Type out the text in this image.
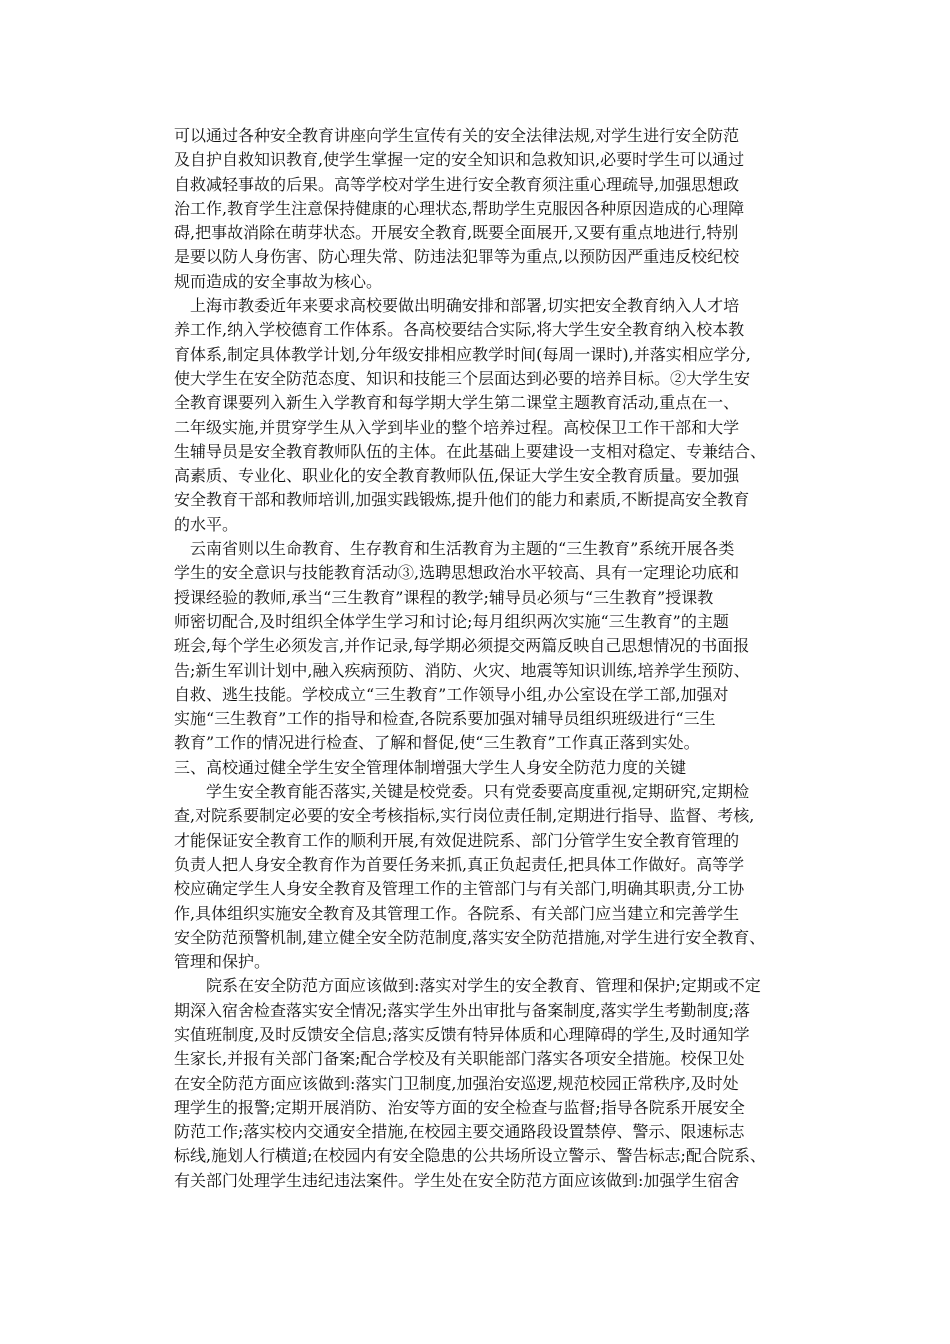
可以通过各种安全教育讲座向学生宣传有关的安全法律法规,对学生进行安全防范
及自护自救知识教育,使学生掌握一定的安全知识和急救知识,必要时学生可以通过
自救减轻事故的后果。高等学校对学生进行安全教育须注重心理疏导,加强思想政
治工作,教育学生注意保持健康的心理状态,帮助学生克服因各种原因造成的心理障
碍,把事故消除在萌芽状态。开展安全教育,既要全面展开,又要有重点地进行,特别
是要以防人身伤害、防心理失常、防违法犯罪等为重点,以预防因严重违反校纪校
规而造成的安全事故为核心。
　上海市教委近年来要求高校要做出明确安排和部署,切实把安全教育纳入人才培
养工作,纳入学校德育工作体系。各高校要结合实际,将大学生安全教育纳入校本教
育体系,制定具体教学计划,分年级安排相应教学时间(每周一课时),并落实相应学分,
使大学生在安全防范态度、知识和技能三个层面达到必要的培养目标。②大学生安
全教育课要列入新生入学教育和每学期大学生第二课堂主题教育活动,重点在一、
二年级实施,并贯穿学生从入学到毕业的整个培养过程。高校保卫工作干部和大学
生辅导员是安全教育教师队伍的主体。在此基础上要建设一支相对稳定、专兼结合、
高素质、专业化、职业化的安全教育教师队伍,保证大学生安全教育质量。要加强
安全教育干部和教师培训,加强实践锻炼,提升他们的能力和素质,不断提高安全教育
的水平。
　云南省则以生命教育、生存教育和生活教育为主题的“三生教育”系统开展各类
学生的安全意识与技能教育活动③,选聘思想政治水平较高、具有一定理论功底和
授课经验的教师,承当“三生教育”课程的教学;辅导员必须与“三生教育”授课教
师密切配合,及时组织全体学生学习和讨论;每月组织两次实施“三生教育”的主题
班会,每个学生必须发言,并作记录,每学期必须提交两篇反映自己思想情况的书面报
告;新生军训计划中,融入疾病预防、消防、火灾、地震等知识训练,培养学生预防、
自救、逃生技能。学校成立“三生教育”工作领导小组,办公室设在学工部,加强对
实施“三生教育”工作的指导和检查,各院系要加强对辅导员组织班级进行“三生
教育”工作的情况进行检查、了解和督促,使“三生教育”工作真正落到实处。
三、高校通过健全学生安全管理体制增强大学生人身安全防范力度的关键
　　学生安全教育能否落实,关键是校党委。只有党委要高度重视,定期研究,定期检
查,对院系要制定必要的安全考核指标,实行岗位责任制,定期进行指导、监督、考核,
才能保证安全教育工作的顺利开展,有效促进院系、部门分管学生安全教育管理的
负责人把人身安全教育作为首要任务来抓,真正负起责任,把具体工作做好。高等学
校应确定学生人身安全教育及管理工作的主管部门与有关部门,明确其职责,分工协
作,具体组织实施安全教育及其管理工作。各院系、有关部门应当建立和完善学生
安全防范预警机制,建立健全安全防范制度,落实安全防范措施,对学生进行安全教育、
管理和保护。
　　院系在安全防范方面应该做到:落实对学生的安全教育、管理和保护;定期或不定
期深入宿舍检查落实安全情况;落实学生外出审批与备案制度,落实学生考勤制度;落
实值班制度,及时反馈安全信息;落实反馈有特异体质和心理障碍的学生,及时通知学
生家长,并报有关部门备案;配合学校及有关职能部门落实各项安全措施。校保卫处
在安全防范方面应该做到:落实门卫制度,加强治安巡逻,规范校园正常秩序,及时处
理学生的报警;定期开展消防、治安等方面的安全检查与监督;指导各院系开展安全
防范工作;落实校内交通安全措施,在校园主要交通路段设置禁停、警示、限速标志
标线,施划人行横道;在校园内有安全隐患的公共场所设立警示、警告标志;配合院系、
有关部门处理学生违纪违法案件。学生处在安全防范方面应该做到:加强学生宿舍
